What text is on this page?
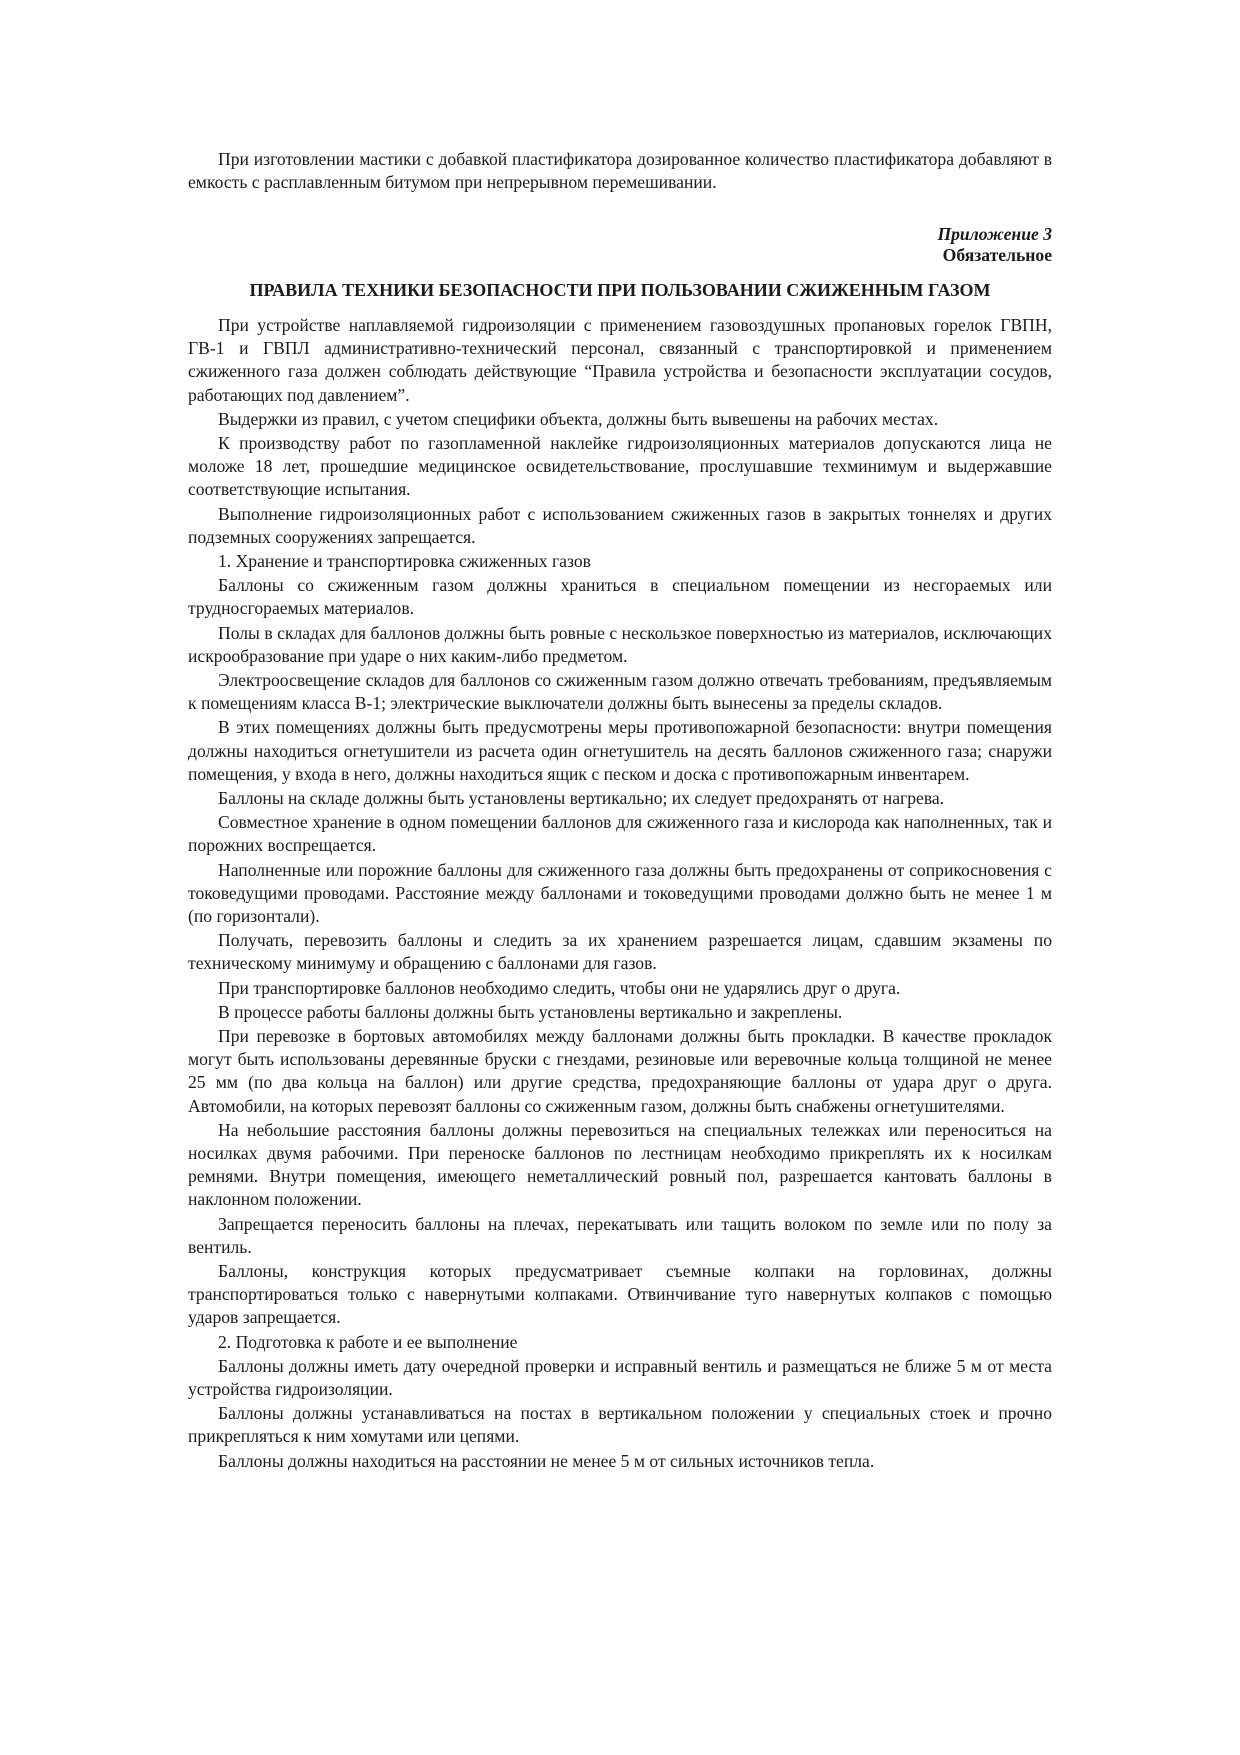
При изготовлении мастики с добавкой пластификатора дозированное количество пластификатора добавляют в емкость с расплавленным битумом при непрерывном перемешивании.

Приложение 3
Обязательное
ПРАВИЛА ТЕХНИКИ БЕЗОПАСНОСТИ ПРИ ПОЛЬЗОВАНИИ СЖИЖЕННЫМ ГАЗОМ

При устройстве наплавляемой гидроизоляции с применением газовоздушных пропановых горелок ГВПН, ГВ-1 и ГВПЛ административно-технический персонал, связанный с транспортировкой и применением сжиженного газа должен соблюдать действующие “Правила устройства и безопасности эксплуатации сосудов, работающих под давлением”.

Выдержки из правил, с учетом специфики объекта, должны быть вывешены на рабочих местах.

К производству работ по газопламенной наклейке гидроизоляционных материалов допускаются лица не моложе 18 лет, прошедшие медицинское освидетельствование, прослушавшие техминимум и выдержавшие соответствующие испытания.

Выполнение гидроизоляционных работ с использованием сжиженных газов в закрытых тоннелях и других подземных сооружениях запрещается.

1. Хранение и транспортировка сжиженных газов

Баллоны со сжиженным газом должны храниться в специальном помещении из несгораемых или трудносгораемых материалов.

Полы в складах для баллонов должны быть ровные с нескользкое поверхностью из материалов, исключающих искрообразование при ударе о них каким-либо предметом.

Электроосвещение складов для баллонов со сжиженным газом должно отвечать требованиям, предъявляемым к помещениям класса В-1; электрические выключатели должны быть вынесены за пределы складов.

В этих помещениях должны быть предусмотрены меры противопожарной безопасности: внутри помещения должны находиться огнетушители из расчета один огнетушитель на десять баллонов сжиженного газа; снаружи помещения, у входа в него, должны находиться ящик с песком и доска с противопожарным инвентарем.

Баллоны на складе должны быть установлены вертикально; их следует предохранять от нагрева.

Совместное хранение в одном помещении баллонов для сжиженного газа и кислорода как наполненных, так и порожних воспрещается.

Наполненные или порожние баллоны для сжиженного газа должны быть предохранены от соприкосновения с токоведущими проводами. Расстояние между баллонами и токоведущими проводами должно быть не менее 1 м (по горизонтали).

Получать, перевозить баллоны и следить за их хранением разрешается лицам, сдавшим экзамены по техническому минимуму и обращению с баллонами для газов.

При транспортировке баллонов необходимо следить, чтобы они не ударялись друг о друга.

В процессе работы баллоны должны быть установлены вертикально и закреплены.

При перевозке в бортовых автомобилях между баллонами должны быть прокладки. В качестве прокладок могут быть использованы деревянные бруски с гнездами, резиновые или веревочные кольца толщиной не менее 25 мм (по два кольца на баллон) или другие средства, предохраняющие баллоны от удара друг о друга. Автомобили, на которых перевозят баллоны со сжиженным газом, должны быть снабжены огнетушителями.

На небольшие расстояния баллоны должны перевозиться на специальных тележках или переноситься на носилках двумя рабочими. При переноске баллонов по лестницам необходимо прикреплять их к носилкам ремнями. Внутри помещения, имеющего неметаллический ровный пол, разрешается кантовать баллоны в наклонном положении.

Запрещается переносить баллоны на плечах, перекатывать или тащить волоком по земле или по полу за вентиль.

Баллоны, конструкция которых предусматривает съемные колпаки на горловинах, должны транспортироваться только с навернутыми колпаками. Отвинчивание туго навернутых колпаков с помощью ударов запрещается.

2. Подготовка к работе и ее выполнение

Баллоны должны иметь дату очередной проверки и исправный вентиль и размещаться не ближе 5 м от места устройства гидроизоляции.

Баллоны должны устанавливаться на постах в вертикальном положении у специальных стоек и прочно прикрепляться к ним хомутами или цепями.

Баллоны должны находиться на расстоянии не менее 5 м от сильных источников тепла.
